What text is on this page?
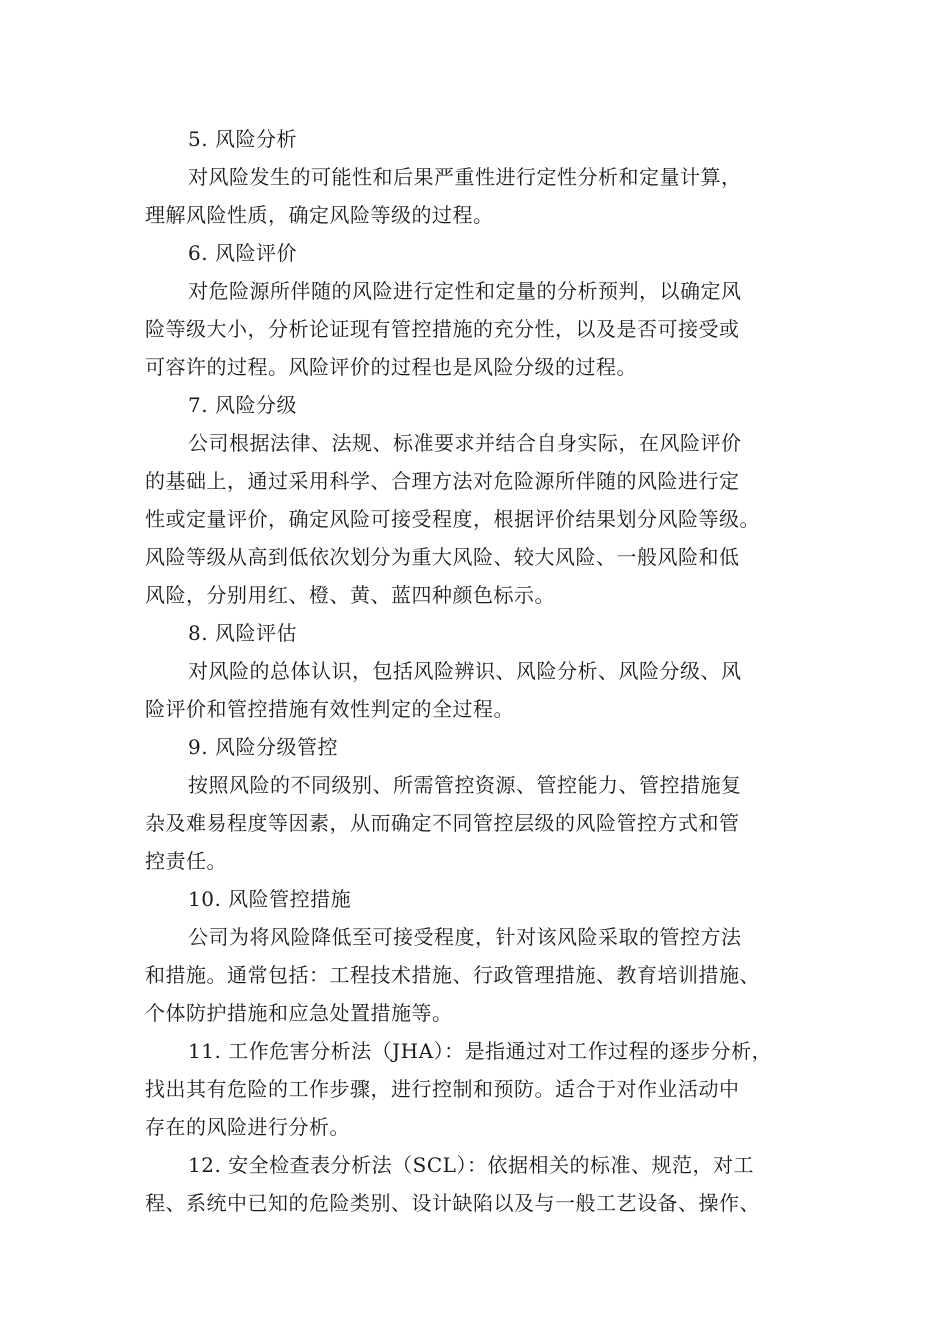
5. 风险分析
对风险发生的可能性和后果严重性进行定性分析和定量计算，
理解风险性质，确定风险等级的过程。
6. 风险评价
对危险源所伴随的风险进行定性和定量的分析预判，以确定风
险等级大小，分析论证现有管控措施的充分性，以及是否可接受或
可容许的过程。风险评价的过程也是风险分级的过程。
7. 风险分级
公司根据法律、法规、标准要求并结合自身实际，在风险评价
的基础上，通过采用科学、合理方法对危险源所伴随的风险进行定
性或定量评价，确定风险可接受程度，根据评价结果划分风险等级。
风险等级从高到低依次划分为重大风险、较大风险、一般风险和低
风险，分别用红、橙、黄、蓝四种颜色标示。
8. 风险评估
对风险的总体认识，包括风险辨识、风险分析、风险分级、风
险评价和管控措施有效性判定的全过程。
9. 风险分级管控
按照风险的不同级别、所需管控资源、管控能力、管控措施复
杂及难易程度等因素，从而确定不同管控层级的风险管控方式和管
控责任。
10. 风险管控措施
公司为将风险降低至可接受程度，针对该风险采取的管控方法
和措施。通常包括：工程技术措施、行政管理措施、教育培训措施、
个体防护措施和应急处置措施等。
11. 工作危害分析法（JHA）：是指通过对工作过程的逐步分析，
找出其有危险的工作步骤，进行控制和预防。适合于对作业活动中
存在的风险进行分析。
12. 安全检查表分析法（SCL）：依据相关的标准、规范，对工
程、系统中已知的危险类别、设计缺陷以及与一般工艺设备、操作、
